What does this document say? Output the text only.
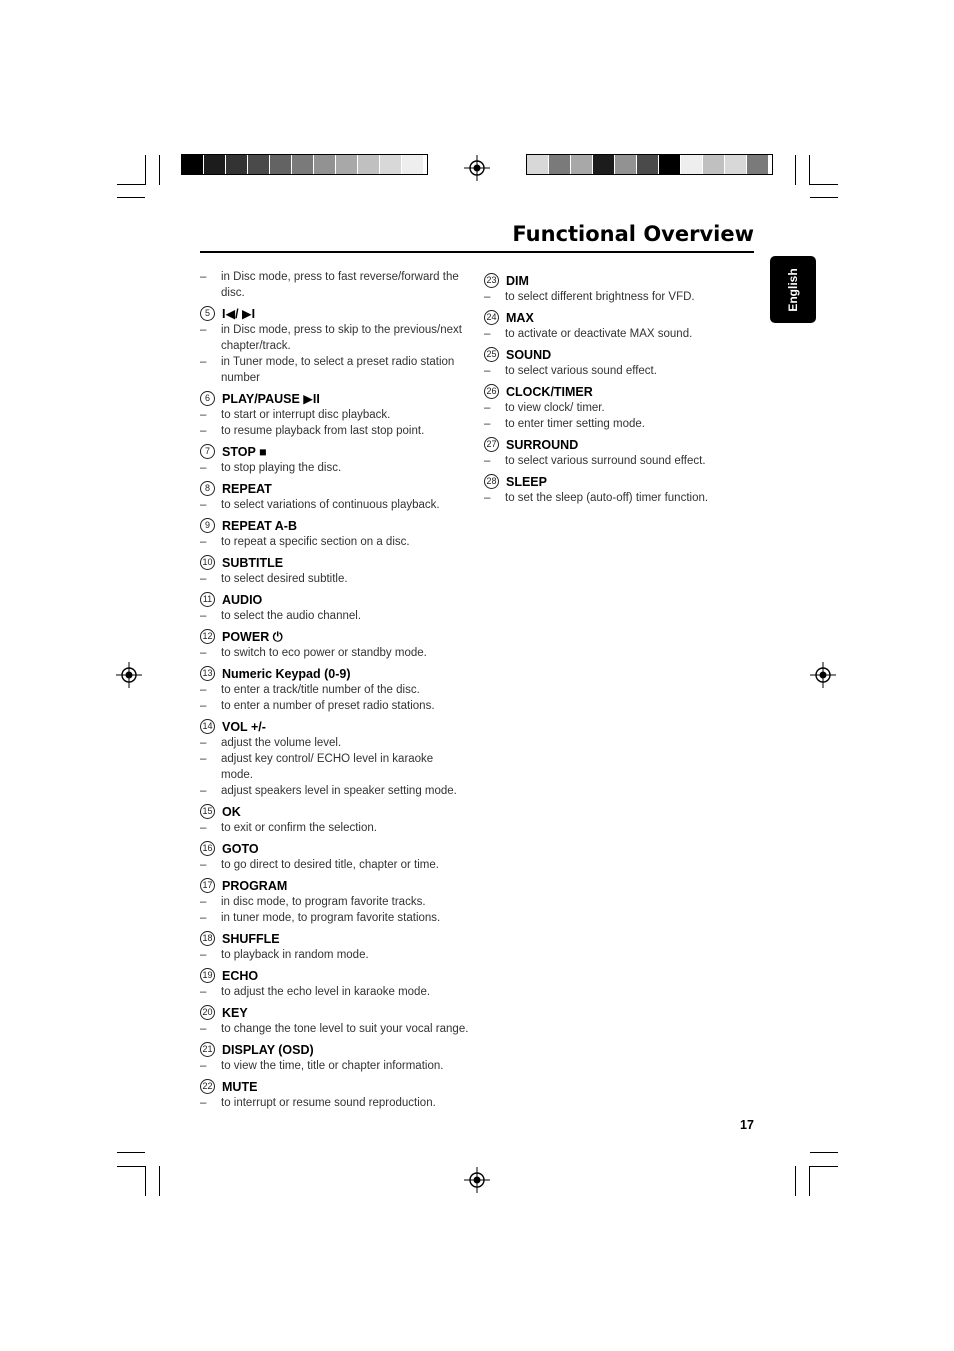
Functional Overview
English
–	in Disc mode, press to fast reverse/forward the
disc.
5 I◀/ ▶I
–	in Disc mode, press to skip to the previous/next
chapter/track.
–	in Tuner mode, to select a preset radio station
number
6 PLAY/PAUSE ▶II
–	to start or interrupt disc playback.
–	to resume playback from last stop point.
7 STOP ■
–	to stop playing the disc.
8 REPEAT
–	to select variations of continuous playback.
9 REPEAT A-B
–	to repeat a specific section on a disc.
10 SUBTITLE
–	to select desired subtitle.
11 AUDIO
–	to select the audio channel.
12 POWER ⏻
–	to switch to eco power or standby mode.
13 Numeric Keypad (0-9)
–	to enter a track/title number of the disc.
–	to enter a number of preset radio stations.
14 VOL +/-
–	adjust the volume level.
–	adjust key control/ ECHO level in karaoke
mode.
–	adjust speakers level in speaker setting mode.
15 OK
–	to exit or confirm the selection.
16 GOTO
–	to go direct to desired title, chapter or time.
17 PROGRAM
–	in disc mode, to program favorite tracks.
–	in tuner mode, to program favorite stations.
18 SHUFFLE
–	to playback in random mode.
19 ECHO
–	to adjust the echo level in karaoke mode.
20 KEY
–	to change the tone level to suit your vocal range.
21 DISPLAY (OSD)
–	to view the time, title or chapter information.
22 MUTE
–	to interrupt or resume sound reproduction.
23 DIM
–	to select different brightness for VFD.
24 MAX
–	to activate or deactivate MAX sound.
25 SOUND
–	to select various sound effect.
26 CLOCK/TIMER
–	to view clock/ timer.
–	to enter timer setting mode.
27 SURROUND
–	to select various surround sound effect.
28 SLEEP
–	to set the sleep (auto-off) timer function.
17
